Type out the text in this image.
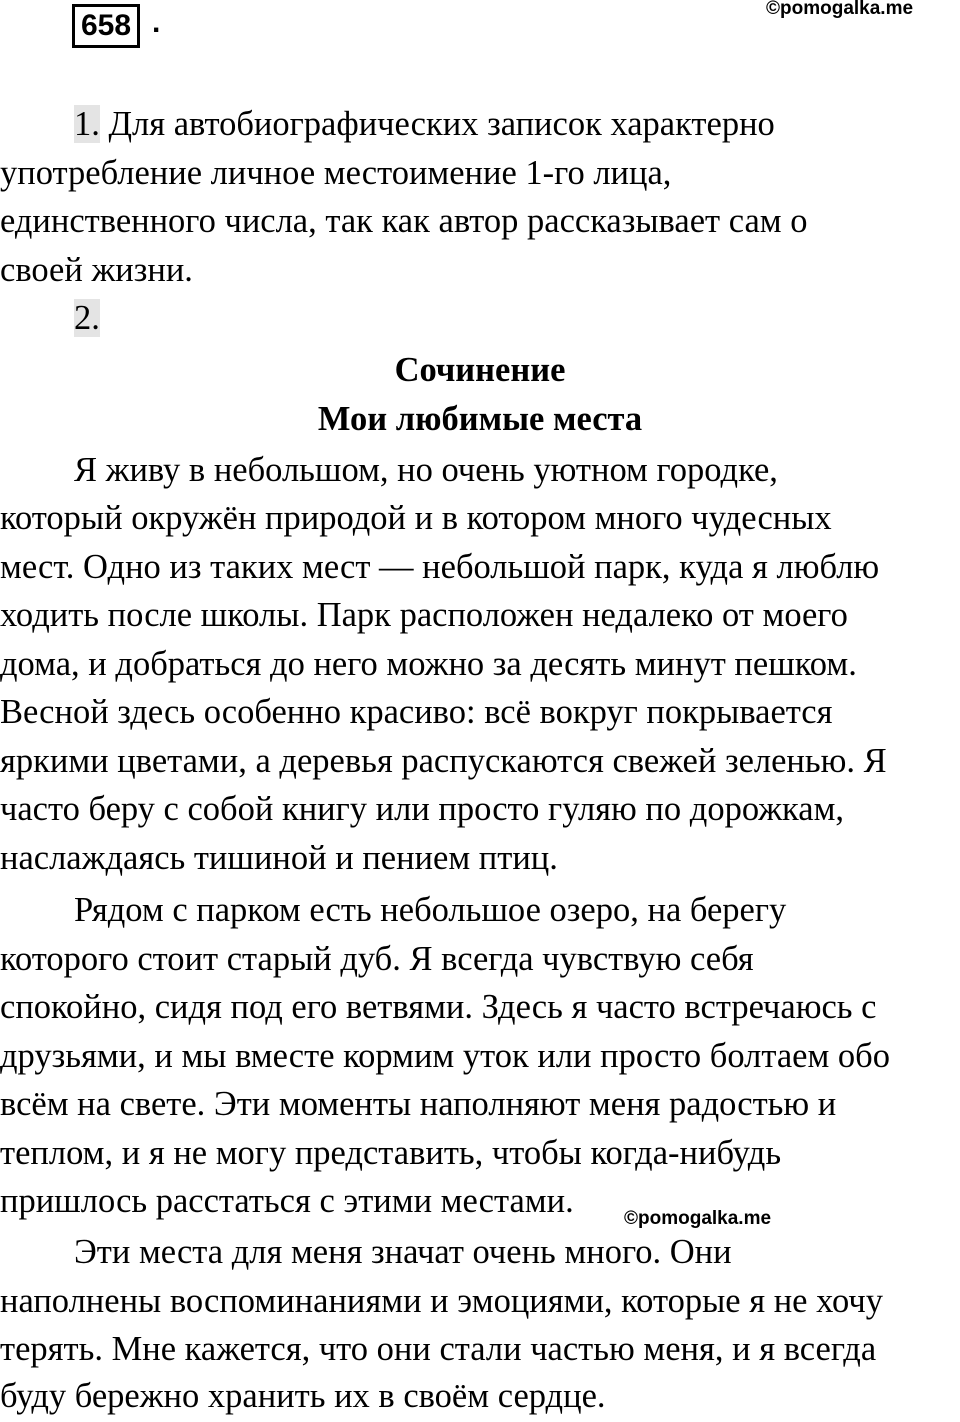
658 .	©pomogalka.me
1. Для автобиографических записок характерно
употребление личное местоимение 1-го лица,
единственного числа, так как автор рассказывает сам о
своей жизни.
2.
Сочинение
Мои любимые места
Я живу в небольшом, но очень уютном городке,
который окружён природой и в котором много чудесных
мест. Одно из таких мест — небольшой парк, куда я люблю
ходить после школы. Парк расположен недалеко от моего
дома, и добраться до него можно за десять минут пешком.
Весной здесь особенно красиво: всё вокруг покрывается
яркими цветами, а деревья распускаются свежей зеленью. Я
часто беру с собой книгу или просто гуляю по дорожкам,
наслаждаясь тишиной и пением птиц.
Рядом с парком есть небольшое озеро, на берегу
которого стоит старый дуб. Я всегда чувствую себя
спокойно, сидя под его ветвями. Здесь я часто встречаюсь с
друзьями, и мы вместе кормим уток или просто болтаем обо
всём на свете. Эти моменты наполняют меня радостью и
теплом, и я не могу представить, чтобы когда-нибудь
пришлось расстаться с этими местами.	©pomogalka.me
Эти места для меня значат очень много. Они
наполнены воспоминаниями и эмоциями, которые я не хочу
терять. Мне кажется, что они стали частью меня, и я всегда
буду бережно хранить их в своём сердце.
